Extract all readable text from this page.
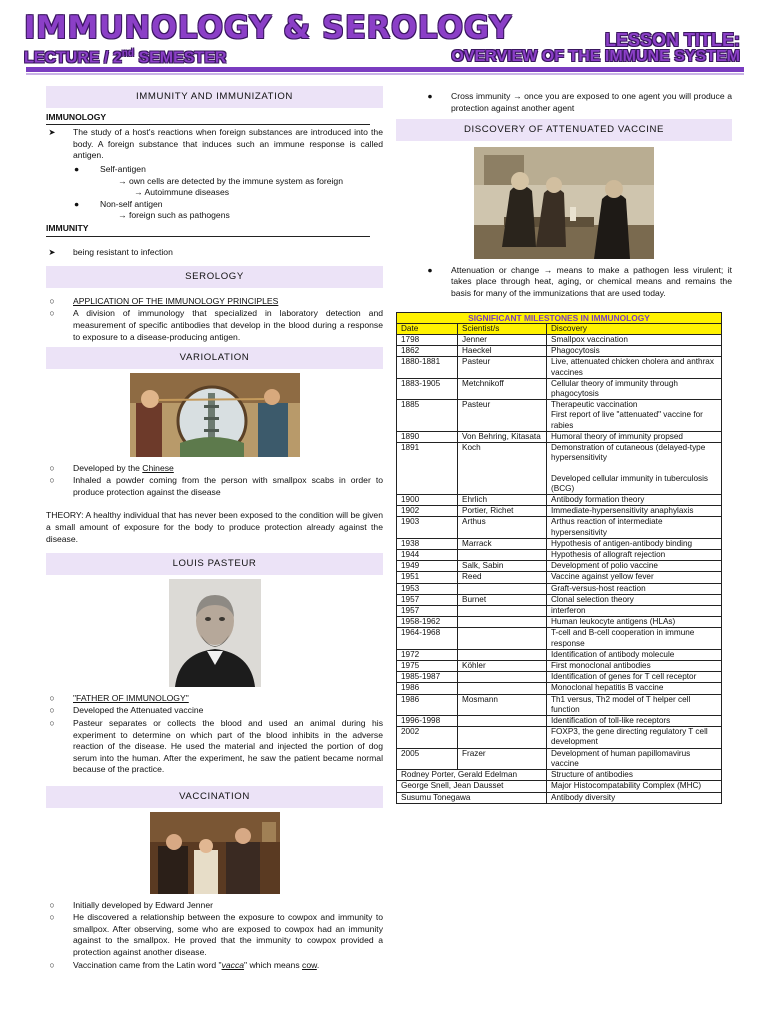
IMMUNOLOGY & SEROLOGY	LESSON TITLE:
LECTURE / 2nd SEMESTER	OVERVIEW OF THE IMMUNE SYSTEM
IMMUNITY AND IMMUNIZATION
IMMUNOLOGY
➤ The study of a host's reactions when foreign substances are introduced into the body. A foreign substance that induces such an immune response is called antigen.
● Self-antigen
→ own cells are detected by the immune system as foreign
→ Autoimmune diseases
● Non-self antigen
→ foreign such as pathogens
IMMUNITY
➤ being resistant to infection
SEROLOGY
○	APPLICATION OF THE IMMUNOLOGY PRINCIPLES
○	A division of immunology that specialized in laboratory detection and measurement of specific antibodies that develop in the blood during a response to exposure to a disease-producing antigen.
VARIOLATION
○	Developed by the Chinese
○	Inhaled a powder coming from the person with smallpox scabs in order to produce protection against the disease
THEORY: A healthy individual that has never been exposed to the condition will be given a small amount of exposure for the body to produce protection already against the disease.
LOUIS PASTEUR
○	"FATHER OF IMMUNOLOGY"
○	Developed the Attenuated vaccine
○	Pasteur separates or collects the blood and used an animal during his experiment to determine on which part of the blood inhibits in the adverse reaction of the disease. He used the material and injected the portion of dog serum into the human. After the experiment, he saw the patient became normal because of the practice.
VACCINATION
○	Initially developed by Edward Jenner
○	He discovered a relationship between the exposure to cowpox and immunity to smallpox. After observing, some who are exposed to cowpox had an immunity against to the smallpox. He proved that the immunity to cowpox provided a protection against another disease.
○	Vaccination came from the Latin word "vacca" which means cow.
●	Cross immunity → once you are exposed to one agent you will produce a protection against another agent
DISCOVERY OF ATTENUATED VACCINE
●	Attenuation or change → means to make a pathogen less virulent; it takes place through heat, aging, or chemical means and remains the basis for many of the immunizations that are used today.
SIGNIFICANT MILESTONES IN IMMUNOLOGY		
Date	Scientist/s	Discovery
1798	Jenner	Smallpox vaccination
1862	Haeckel	Phagocytosis
1880-1881	Pasteur	Live, attenuated chicken cholera and anthrax vaccines
1883-1905	Metchnikoff	Cellular theory of immunity through phagocytosis
1885	Pasteur	Therapeutic vaccination
First report of live "attenuated" vaccine for rabies
1890	Von Behring, Kitasata	Humoral theory of immunity propsed
1891	Koch	Demonstration of cutaneous (delayed-type hypersensitivity

Developed cellular immunity in tuberculosis (BCG)
1900	Ehrlich	Antibody formation theory
1902	Portier, Richet	Immediate-hypersensitivity anaphylaxis
1903	Arthus	Arthus reaction of intermediate hypersensitivity
1938	Marrack	Hypothesis of antigen-antibody binding
1944		Hypothesis of allograft rejection
1949	Salk, Sabin	Development of polio vaccine
1951	Reed	Vaccine against yellow fever
1953		Graft-versus-host reaction
1957	Burnet	Clonal selection theory
1957		interferon
1958-1962		Human leukocyte antigens (HLAs)
1964-1968		T-cell and B-cell cooperation in immune response
1972		Identification of antibody molecule
1975	Köhler	First monoclonal antibodies
1985-1987		Identification of genes for T cell receptor
1986		Monoclonal hepatitis B vaccine
1986	Mosmann	Th1 versus, Th2 model of T helper cell function
1996-1998		Identification of toll-like receptors
2002		FOXP3, the gene directing regulatory T cell development
2005	Frazer	Development of human papillomavirus vaccine
Rodney Porter, Gerald Edelman		Structure of antibodies
George Snell, Jean Dausset		Major Histocompatability Complex (MHC)
Susumu Tonegawa		Antibody diversity
